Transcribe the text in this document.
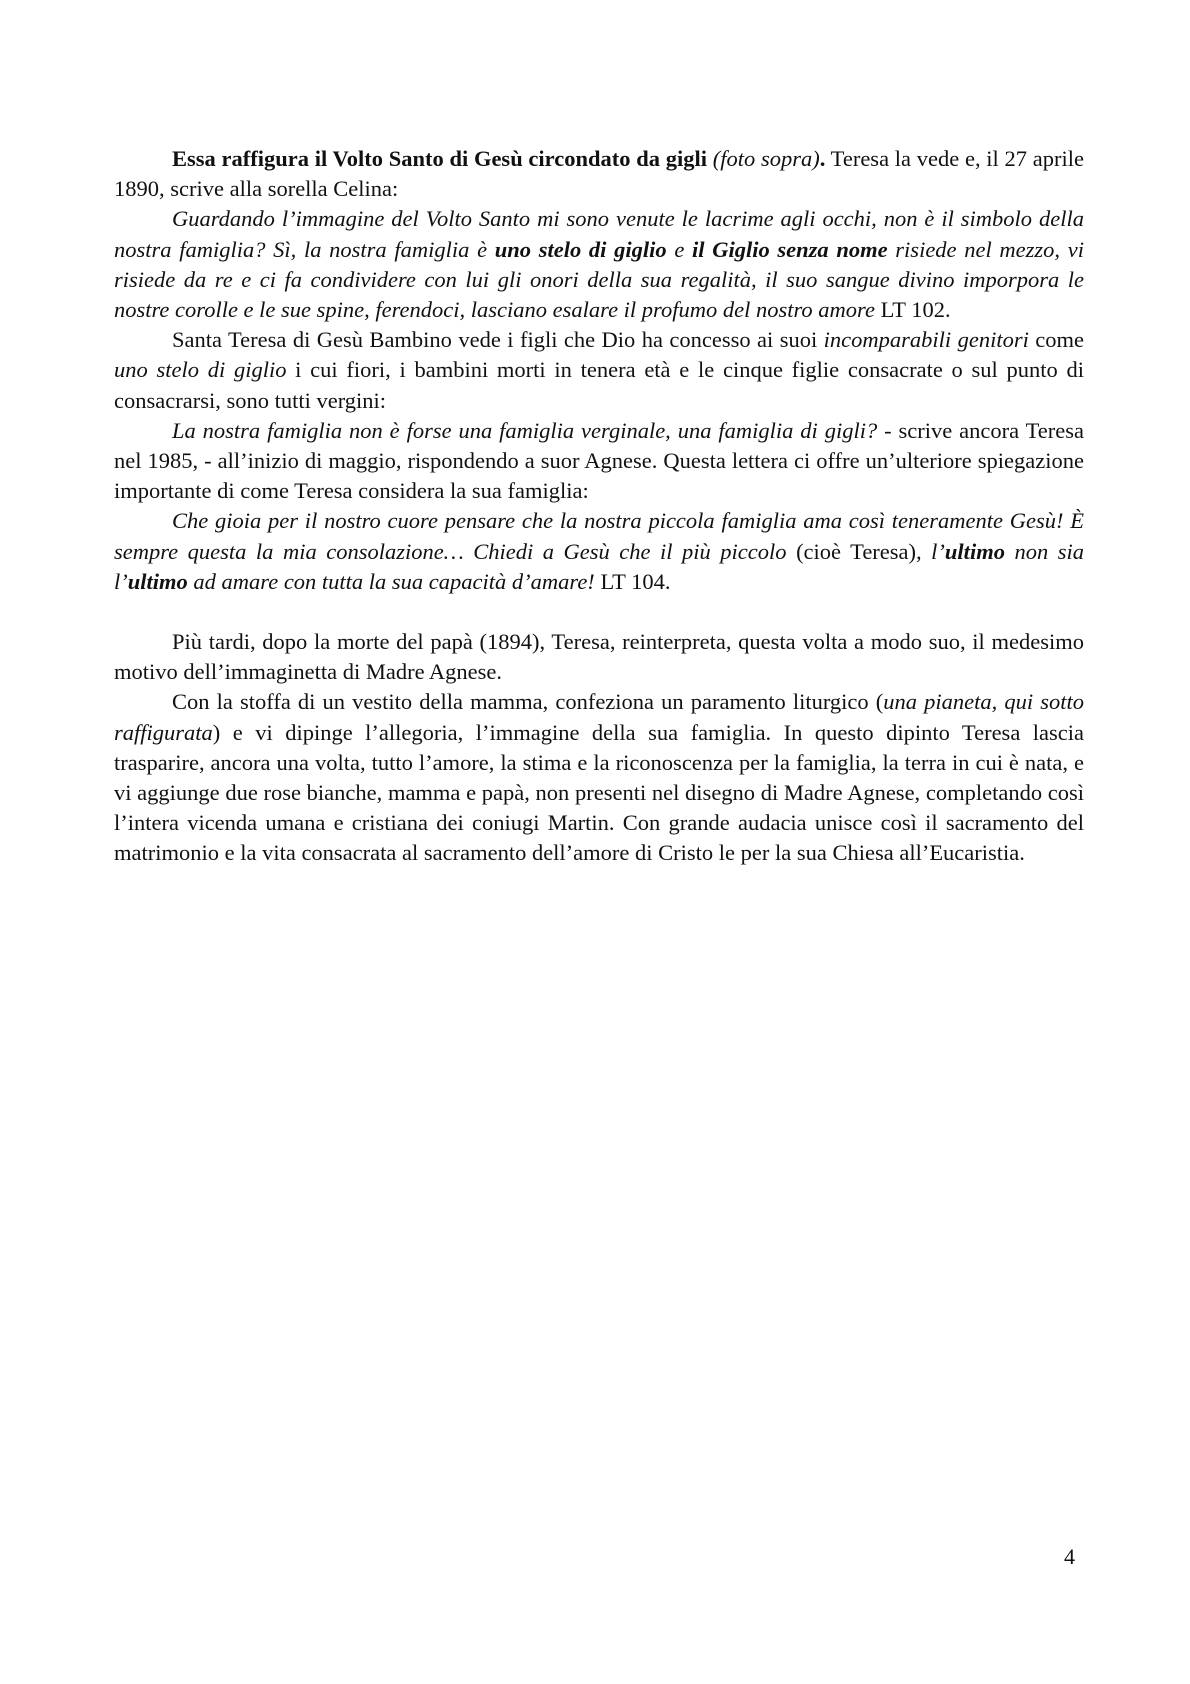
Essa raffigura il Volto Santo di Gesù circondato da gigli (foto sopra). Teresa la vede e, il 27 aprile 1890, scrive alla sorella Celina:

Guardando l’immagine del Volto Santo mi sono venute le lacrime agli occhi, non è il simbolo della nostra famiglia? Sì, la nostra famiglia è uno stelo di giglio e il Giglio senza nome risiede nel mezzo, vi risiede da re e ci fa condividere con lui gli onori della sua regalità, il suo sangue divino imporpora le nostre corolle e le sue spine, ferendoci, lasciano esalare il profumo del nostro amore LT 102.

Santa Teresa di Gesù Bambino vede i figli che Dio ha concesso ai suoi incomparabili genitori come uno stelo di giglio i cui fiori, i bambini morti in tenera età e le cinque figlie consacrate o sul punto di consacrarsi, sono tutti vergini:

La nostra famiglia non è forse una famiglia verginale, una famiglia di gigli? - scrive ancora Teresa nel 1985, - all’inizio di maggio, rispondendo a suor Agnese. Questa lettera ci offre un’ulteriore spiegazione importante di come Teresa considera la sua famiglia:

Che gioia per il nostro cuore pensare che la nostra piccola famiglia ama così teneramente Gesù! È sempre questa la mia consolazione… Chiedi a Gesù che il più piccolo (cioè Teresa), l’ultimo non sia l’ultimo ad amare con tutta la sua capacità d’amare! LT 104.

Più tardi, dopo la morte del papà (1894), Teresa, reinterpreta, questa volta a modo suo, il medesimo motivo dell’immaginetta di Madre Agnese.

Con la stoffa di un vestito della mamma, confeziona un paramento liturgico (una pianeta, qui sotto raffigurata) e vi dipinge l’allegoria, l’immagine della sua famiglia. In questo dipinto Teresa lascia trasparire, ancora una volta, tutto l’amore, la stima e la riconoscenza per la famiglia, la terra in cui è nata, e vi aggiunge due rose bianche, mamma e papà, non presenti nel disegno di Madre Agnese, completando così l’intera vicenda umana e cristiana dei coniugi Martin. Con grande audacia unisce così il sacramento del matrimonio e la vita consacrata al sacramento dell’amore di Cristo le per la sua Chiesa all’Eucaristia.

4
